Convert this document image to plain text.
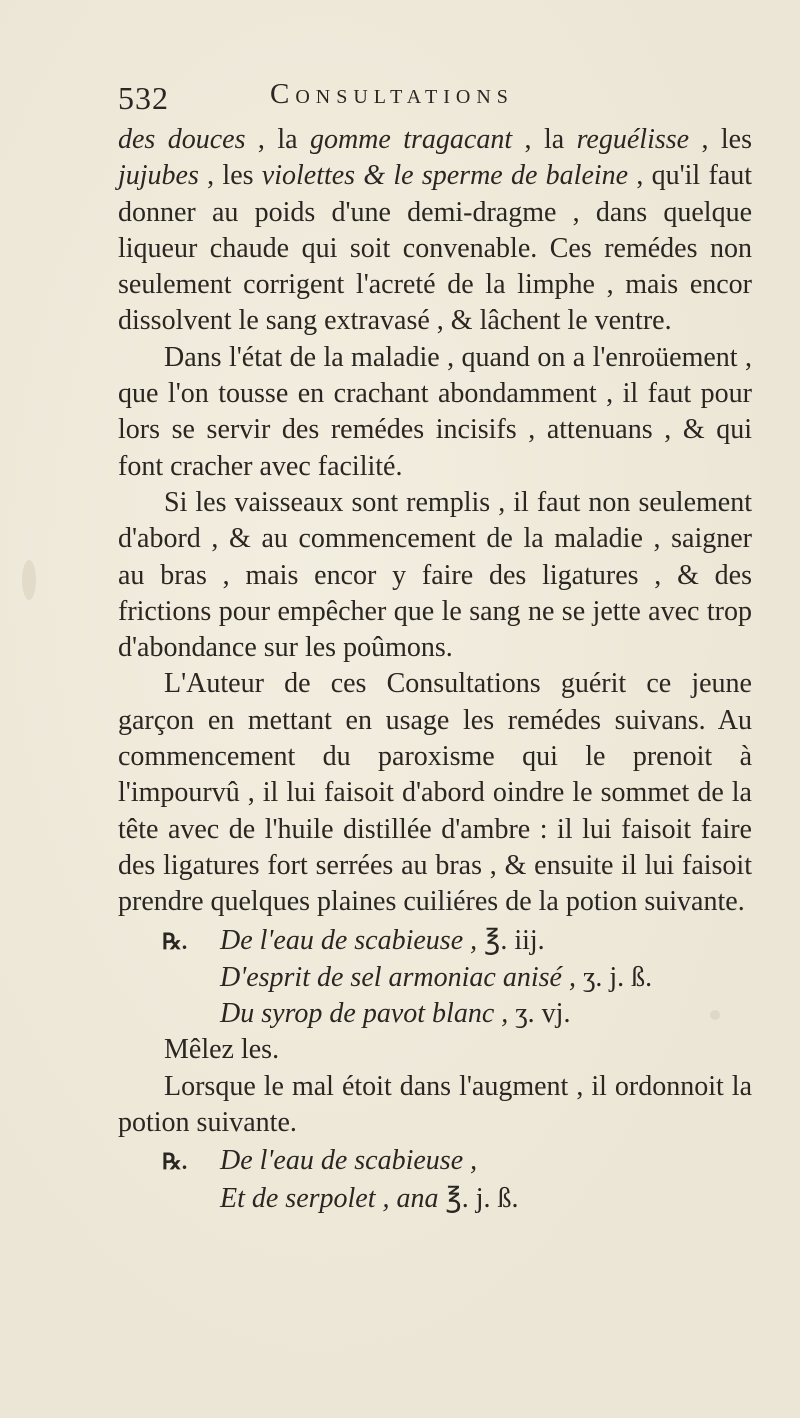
532	Consultations

des douces , la gomme tragacant , la reguélisse , les jujubes , les violettes & le sperme de baleine , qu'il faut donner au poids d'une demi-dragme , dans quelque liqueur chaude qui soit convenable. Ces remédes non seulement corrigent l'acreté de la limphe , mais encor dissolvent le sang extravasé , & lâchent le ventre.

Dans l'état de la maladie , quand on a l'enroüement , que l'on tousse en crachant abondamment , il faut pour lors se servir des remédes incisifs , attenuans , & qui font cracher avec facilité.

Si les vaisseaux sont remplis , il faut non seulement d'abord , & au commencement de la maladie , saigner au bras , mais encor y faire des ligatures , & des frictions pour empêcher que le sang ne se jette avec trop d'abondance sur les poûmons.

L'Auteur de ces Consultations guérit ce jeune garçon en mettant en usage les remédes suivans. Au commencement du paroxisme qui le prenoit à l'impourvû , il lui faisoit d'abord oindre le sommet de la tête avec de l'huile distillée d'ambre : il lui faisoit faire des ligatures fort serrées au bras , & ensuite il lui faisoit prendre quelques plaines cuiliéres de la potion suivante.

℞. De l'eau de scabieuse , ℥. iij.

D'esprit de sel armoniac anisé , ʒ. j. ß.

Du syrop de pavot blanc , ʒ. vj.

Mêlez les.

Lorsque le mal étoit dans l'augment , il ordonnoit la potion suivante.

℞. De l'eau de scabieuse ,

Et de serpolet , ana ℥. j. ß.
